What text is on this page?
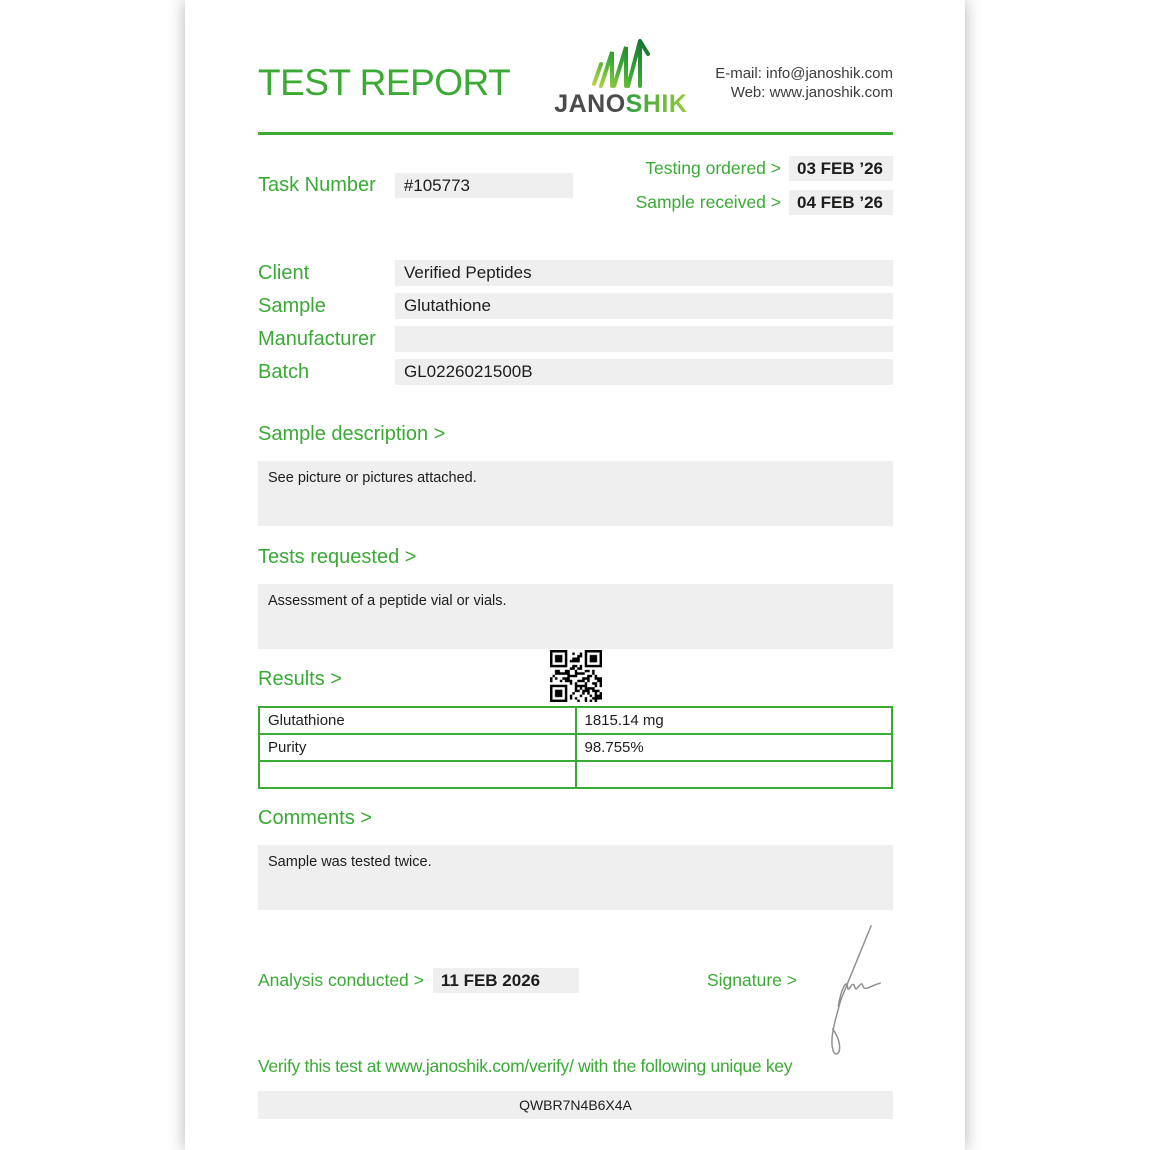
TEST REPORT
JANOSHIK
E-mail: info@janoshik.com
Web: www.janoshik.com
Task Number	#105773
Testing ordered > 03 FEB ’26
Sample received > 04 FEB ’26
Client	Verified Peptides
Sample	Glutathione
Manufacturer
Batch	GL0226021500B
Sample description >
See picture or pictures attached.
Tests requested >
Assessment of a peptide vial or vials.
Results >
Glutathione	1815.14 mg
Purity	98.755%

Comments >
Sample was tested twice.
Analysis conducted >	11 FEB 2026	Signature >
Verify this test at www.janoshik.com/verify/ with the following unique key
QWBR7N4B6X4A
